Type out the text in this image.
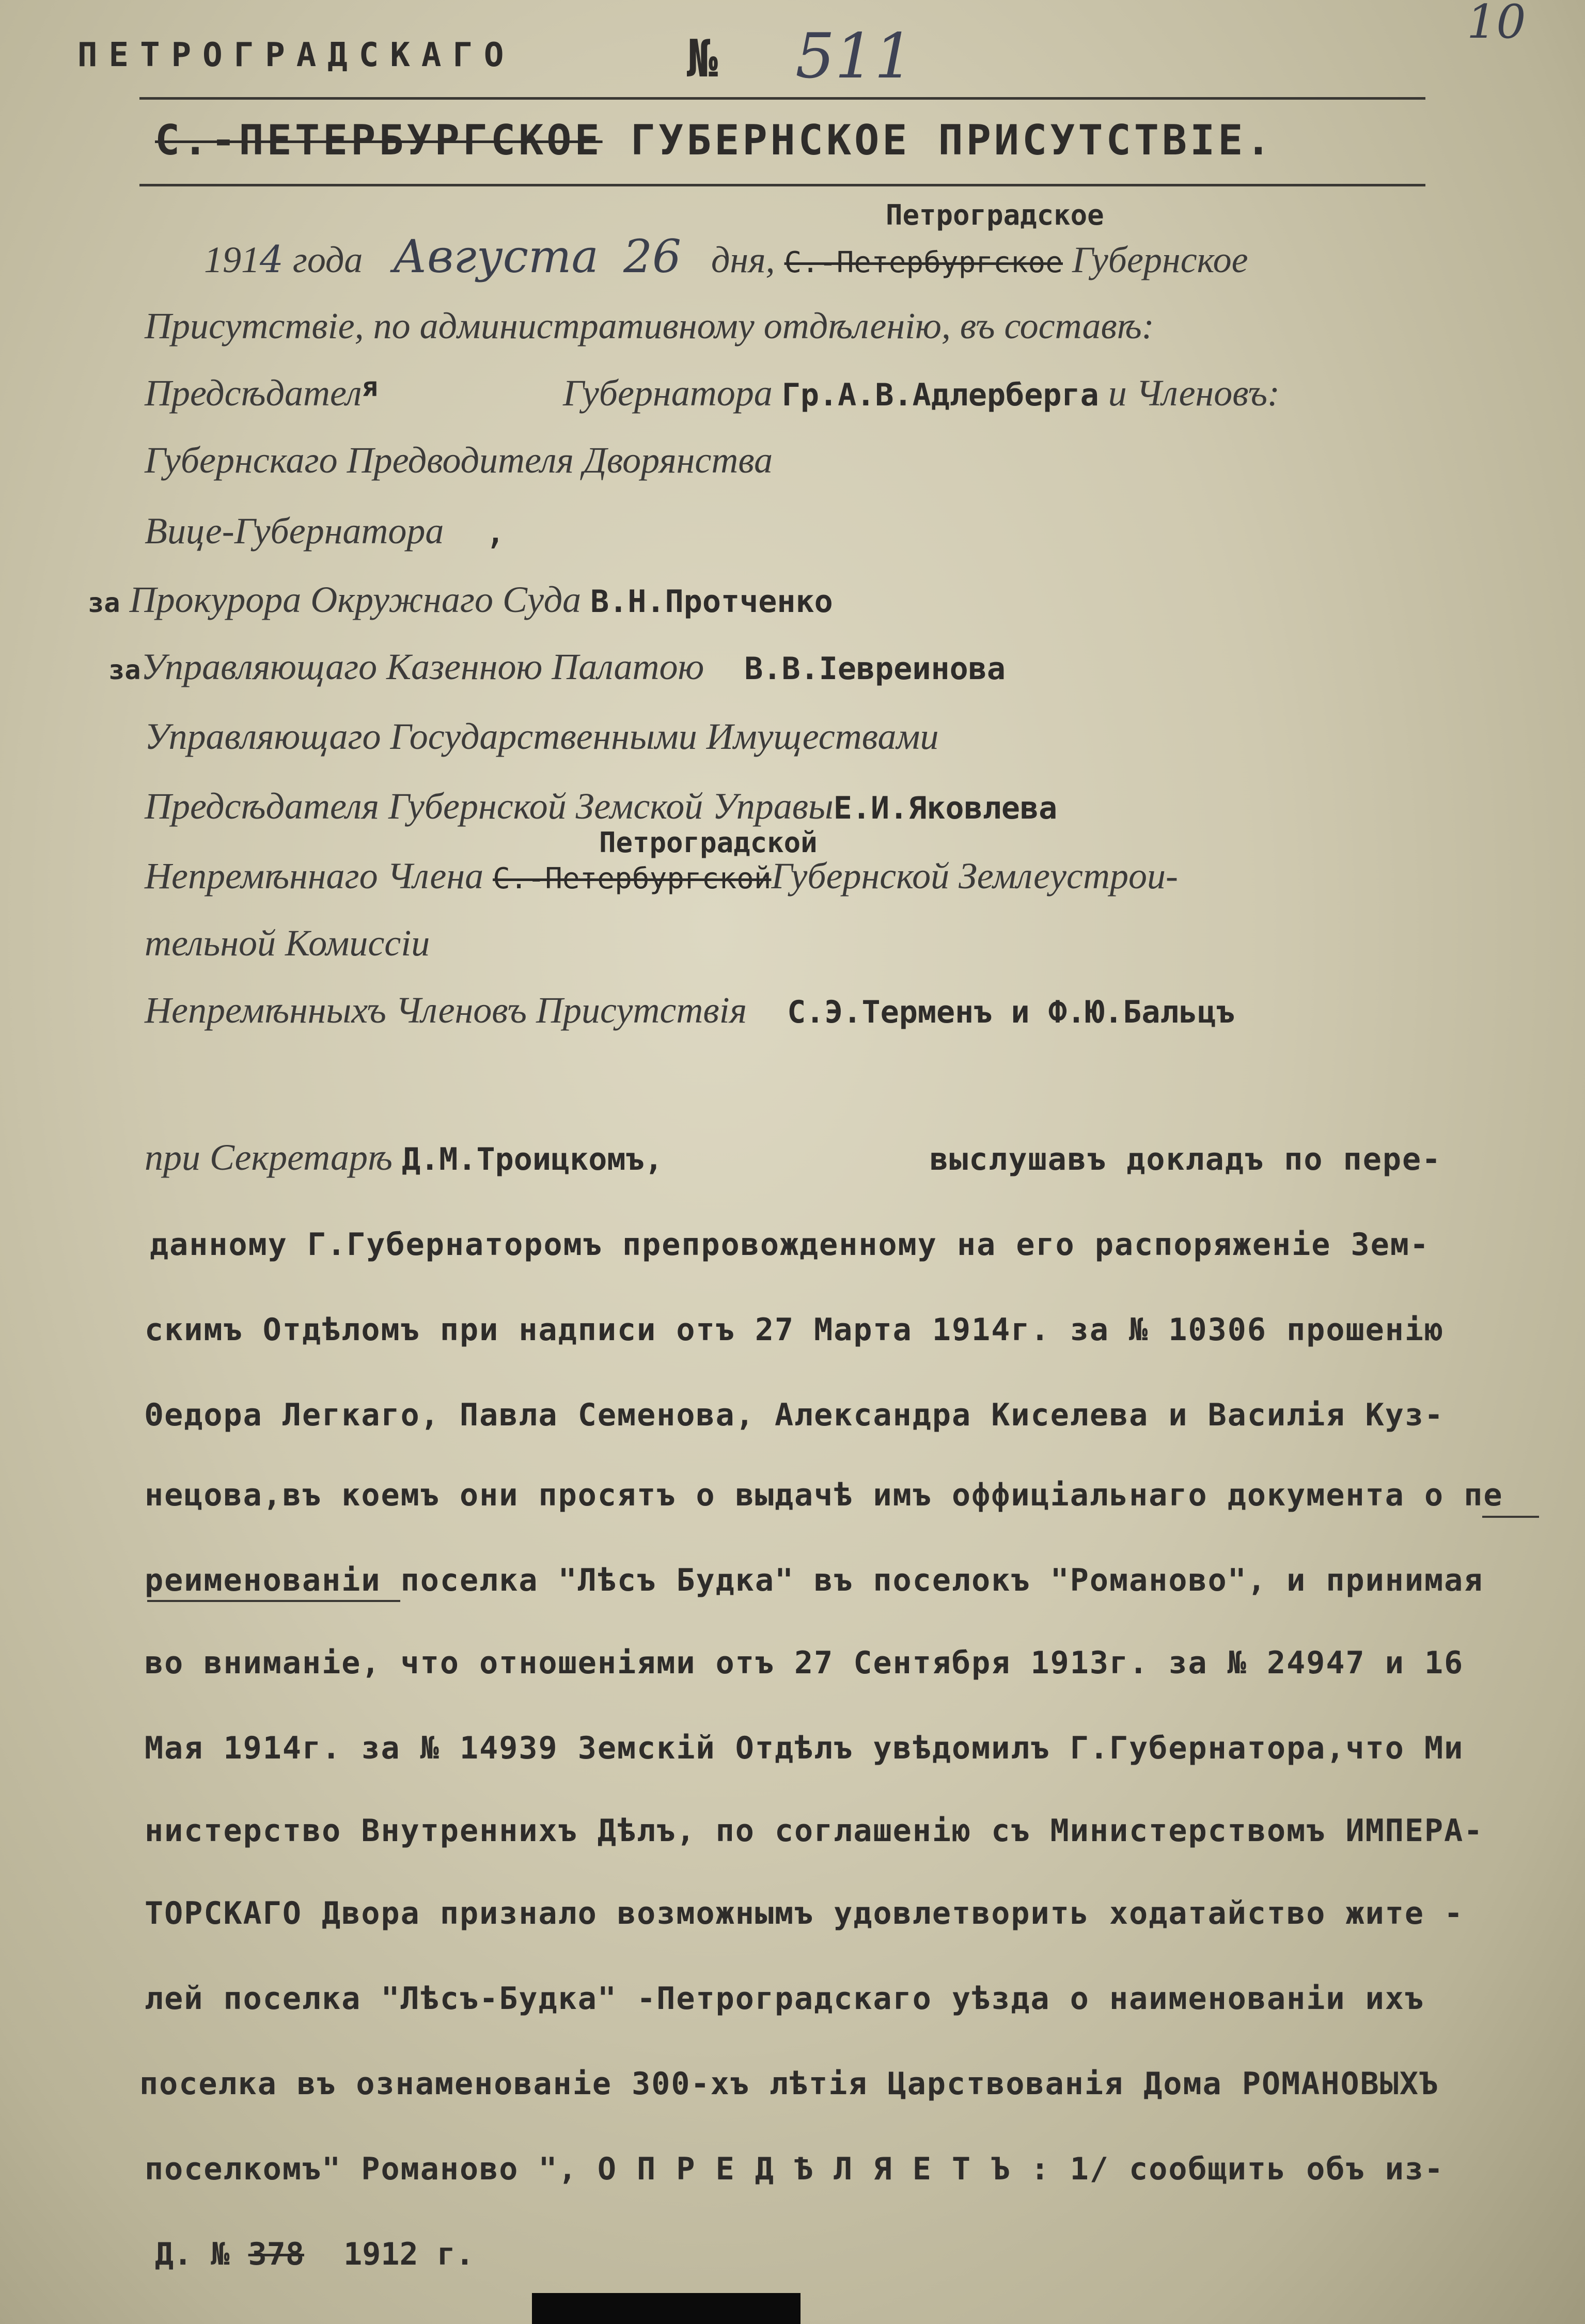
10
ПЕТРОГРАДСКАГО	№ 511
С.-ПЕТЕРБУРГСКОЕ ГУБЕРНСКОЕ ПРИСУТСТВІЕ.
Петроградское
1914 года Августа 26 дня, С.-Петербургское Губернское
Присутствіе, по административному отдѣленію, въ составѣ:
Предсѣдател$^я$	Губернатора Гр.А.В.Адлерберга и Членовъ:
Губернскаго Предводителя Дворянства
Вице-Губернатора ,
за Прокурора Окружнаго Суда В.Н.Протченко
заУправляющаго Казенною Палатою В.В.Іевреинова
Управляющаго Государственными Имуществами
Предсѣдателя Губернской Земской УправыЕ.И.Яковлева
Петроградской
Непремѣннаго Члена С.-ПетербургскойГубернской Землеустрои-
тельной Комиссіи
Непремѣнныхъ Членовъ Присутствія С.Э.Терменъ и Ф.Ю.Бальцъ
при Секретарѣ Д.М.Троицкомъ,	выслушавъ докладъ по пере-
данному Г.Губернаторомъ препровожденному на его распоряженіе Зем-
скимъ Отдѣломъ при надписи отъ 27 Марта 1914г. за № 10306 прошенію
Θедора Легкаго, Павла Семенова, Александра Киселева и Василія Куз-
нецова,въ коемъ они просятъ о выдачѣ имъ оффиціальнаго документа о пе
реименованіи поселка "Лѣсъ Будка" въ поселокъ "Романово", и принимая
во вниманіе, что отношеніями отъ 27 Сентября 1913г. за № 24947 и 16
Мая 1914г. за № 14939 Земскій Отдѣлъ увѣдомилъ Г.Губернатора,что Ми
нистерство Внутреннихъ Дѣлъ, по соглашенію съ Министерствомъ ИМПЕРА-
ТОРСКАГО Двора признало возможнымъ удовлетворить ходатайство жите -
лей поселка "Лѣсъ-Будка" -Петроградскаго уѣзда о наименованіи ихъ
поселка въ ознаменованіе 300-хъ лѣтія Царствованія Дома РОМАНОВЫХЪ
поселкомъ" Романово ", О П Р Е Д Ѣ Л Я Е Т Ъ : 1/ сообщить объ из-
Д. № 378 1912 г.
